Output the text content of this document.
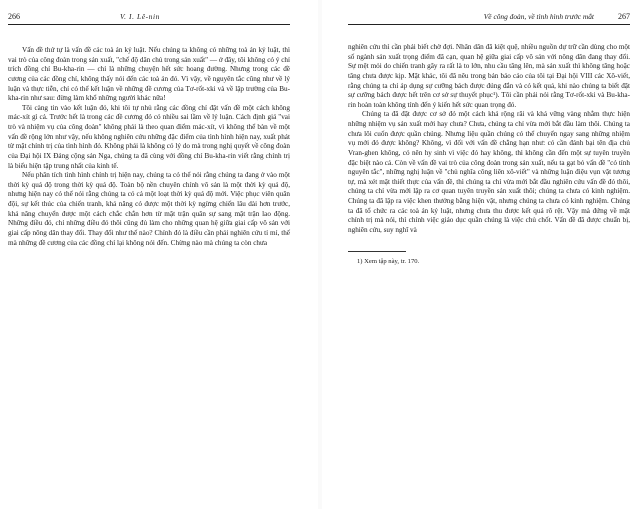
266	V. I. Lê-nin

Vấn đề thứ tự là vấn đề các toà án kỷ luật. Nếu chúng ta không có những toà án kỷ luật, thì vai trò của công đoàn trong sản xuất, "chế độ dân chủ trong sản xuất" — ở đây, tôi không có ý chỉ trích đồng chí Bu-kha-rin — chỉ là những chuyện hết sức hoang đường. Nhưng trong các đề cương của các đồng chí, không thấy nói đến các toà án đó. Vì vậy, về nguyên tắc cũng như về lý luận và thực tiễn, chỉ có thể kết luận về những đề cương của Tơ-rốt-xki và về lập trường của Bu-kha-rin như sau: đừng làm khổ những người khác nữa!

Tôi càng tin vào kết luận đó, khi tôi tự nhủ rằng các đồng chí đặt vấn đề một cách không mác-xít gì cả. Trước hết là trong các đề cương đó có nhiều sai lầm về lý luận. Cách định giá "vai trò và nhiệm vụ của công đoàn" không phải là theo quan điểm mác-xít, vì không thể bàn về một vấn đề rộng lớn như vậy, nếu không nghiên cứu những đặc điểm của tình hình hiện nay, xuất phát từ mặt chính trị của tình hình đó. Không phải là không có lý do mà trong nghị quyết về công đoàn của Đại hội IX Đảng cộng sản Nga, chúng ta đã cùng với đồng chí Bu-kha-rin viết rằng chính trị là biểu hiện tập trung nhất của kinh tế.

Nếu phân tích tình hình chính trị hiện nay, chúng ta có thể nói rằng chúng ta đang ở vào một thời kỳ quá độ trong thời kỳ quá độ. Toàn bộ nền chuyên chính vô sản là một thời kỳ quá độ, nhưng hiện nay có thể nói rằng chúng ta có cả một loạt thời kỳ quá độ mới. Việc phục viên quân đội, sự kết thúc của chiến tranh, khả năng có được một thời kỳ ngừng chiến lâu dài hơn trước, khả năng chuyển được một cách chắc chắn hơn từ mặt trận quân sự sang mặt trận lao động. Những điều đó, chỉ những điều đó thôi cũng đủ làm cho những quan hệ giữa giai cấp vô sản với giai cấp nông dân thay đổi. Thay đổi như thế nào? Chính đó là điều cần phải nghiên cứu tỉ mỉ, thế mà những đề cương của các đồng chí lại không nói đến. Chừng nào mà chúng ta còn chưa

Về công đoàn, về tình hình trước mắt	267

nghiên cứu thì cần phải biết chờ đợi. Nhân dân đã kiệt quệ, nhiều nguồn dự trữ cần dùng cho một số ngành sản xuất trọng điểm đã cạn, quan hệ giữa giai cấp vô sản với nông dân đang thay đổi. Sự mệt mỏi do chiến tranh gây ra rất là to lớn, nhu cầu tăng lên, mà sản xuất thì không tăng hoặc tăng chưa được kịp. Mặt khác, tôi đã nêu trong bản báo cáo của tôi tại Đại hội VIII các Xô-viết, rằng chúng ta chỉ áp dụng sự cưỡng bách được đúng đắn và có kết quả, khi nào chúng ta biết đặt sự cưỡng bách được hết trên cơ sở sự thuyết phục¹). Tôi cần phải nói rằng Tơ-rốt-xki và Bu-kha-rin hoàn toàn không tính đến ý kiến hết sức quan trọng đó.

Chúng ta đã đặt được cơ sở đó một cách khá rộng rãi và khá vững vàng nhằm thực hiện những nhiệm vụ sản xuất mới hay chưa? Chưa, chúng ta chỉ vừa mới bắt đầu làm thôi. Chúng ta chưa lôi cuốn được quần chúng. Nhưng liệu quần chúng có thể chuyển ngay sang những nhiệm vụ mới đó được không? Không, vì đối với vấn đề chẳng hạn như: có cần đánh bại tên địa chủ Vran-ghen không, có nên hy sinh vì việc đó hay không, thì không cần đến một sự tuyên truyền đặc biệt nào cả. Còn về vấn đề vai trò của công đoàn trong sản xuất, nếu ta gạt bỏ vấn đề "có tính nguyên tắc", những nghị luận về "chủ nghĩa công liên xô-viết" và những luận điệu vụn vặt tương tự, mà xét mặt thiết thực của vấn đề, thì chúng ta chỉ vừa mới bắt đầu nghiên cứu vấn đề đó thôi, chúng ta chỉ vừa mới lập ra cơ quan tuyên truyền sản xuất thôi; chúng ta chưa có kinh nghiệm. Chúng ta đã lập ra việc khen thưởng bằng hiện vật, nhưng chúng ta chưa có kinh nghiệm. Chúng ta đã tổ chức ra các toà án kỷ luật, nhưng chưa thu được kết quả rõ rệt. Vậy mà đứng về mặt chính trị mà nói, thì chính việc giáo dục quần chúng là việc chủ chốt. Vấn đề đã được chuẩn bị, nghiên cứu, suy nghĩ và

1) Xem tập này, tr. 170.
